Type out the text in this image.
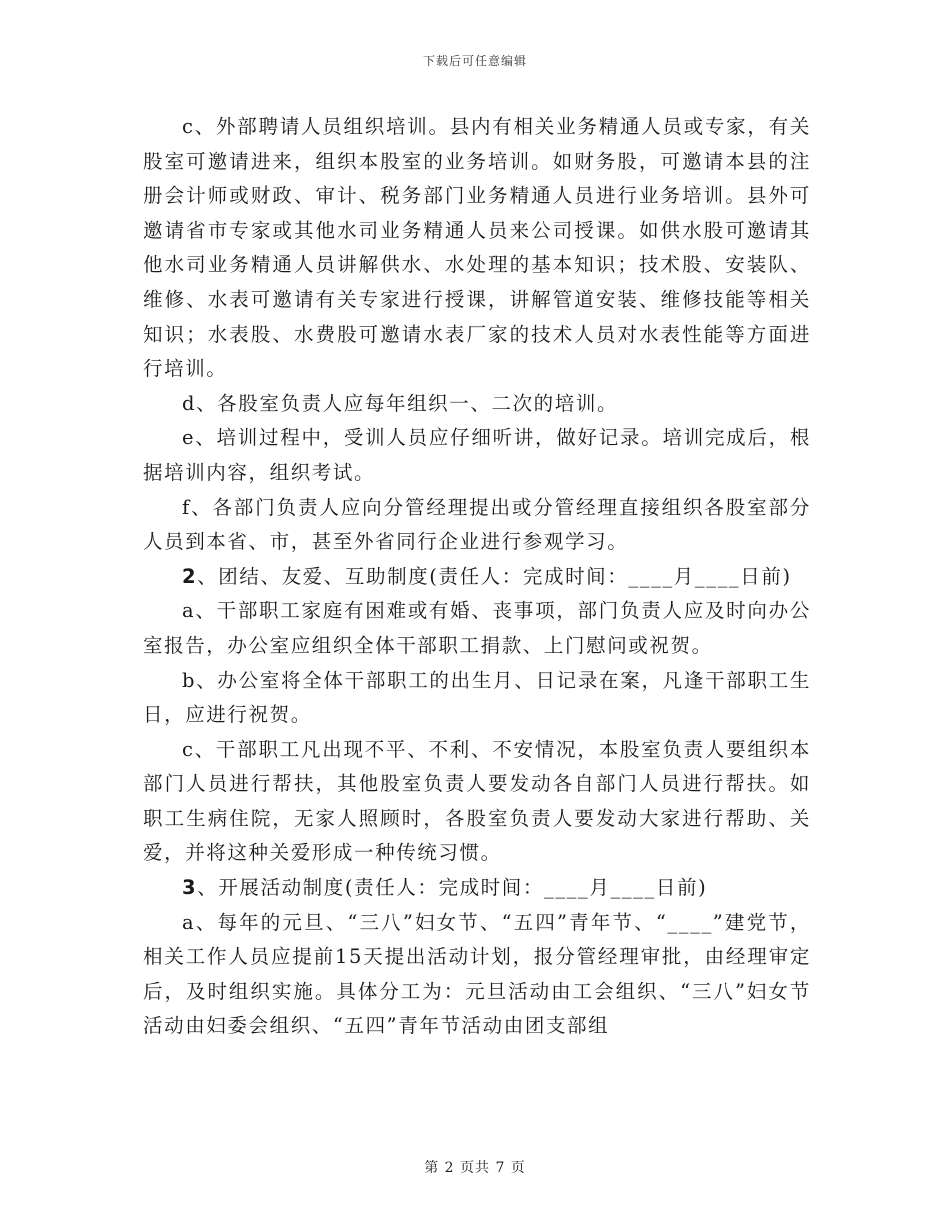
下载后可任意编辑

c、外部聘请人员组织培训。县内有相关业务精通人员或专家，有关股室可邀请进来，组织本股室的业务培训。如财务股，可邀请本县的注册会计师或财政、审计、税务部门业务精通人员进行业务培训。县外可邀请省市专家或其他水司业务精通人员来公司授课。如供水股可邀请其他水司业务精通人员讲解供水、水处理的基本知识；技术股、安装队、维修、水表可邀请有关专家进行授课，讲解管道安装、维修技能等相关知识；水表股、水费股可邀请水表厂家的技术人员对水表性能等方面进行培训。

d、各股室负责人应每年组织一、二次的培训。

e、培训过程中，受训人员应仔细听讲，做好记录。培训完成后，根据培训内容，组织考试。

f、各部门负责人应向分管经理提出或分管经理直接组织各股室部分人员到本省、市，甚至外省同行企业进行参观学习。

2、团结、友爱、互助制度(责任人：完成时间：____月____日前)

a、干部职工家庭有困难或有婚、丧事项，部门负责人应及时向办公室报告，办公室应组织全体干部职工捐款、上门慰问或祝贺。

b、办公室将全体干部职工的出生月、日记录在案，凡逢干部职工生日，应进行祝贺。

c、干部职工凡出现不平、不利、不安情况，本股室负责人要组织本部门人员进行帮扶，其他股室负责人要发动各自部门人员进行帮扶。如职工生病住院，无家人照顾时，各股室负责人要发动大家进行帮助、关爱，并将这种关爱形成一种传统习惯。

3、开展活动制度(责任人：完成时间：____月____日前)

a、每年的元旦、“三八”妇女节、“五四”青年节、“____”建党节，相关工作人员应提前15天提出活动计划，报分管经理审批，由经理审定后，及时组织实施。具体分工为：元旦活动由工会组织、“三八”妇女节活动由妇委会组织、“五四”青年节活动由团支部组

第 2 页共 7 页
